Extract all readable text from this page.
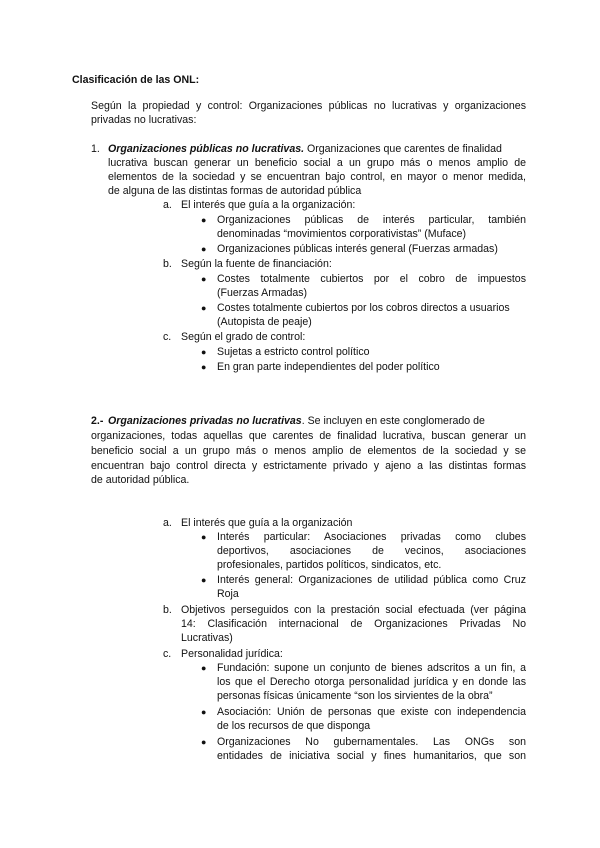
Clasificación de las ONL:
Según la propiedad y control: Organizaciones públicas no lucrativas y organizaciones
privadas no lucrativas:
1. Organizaciones públicas no lucrativas. Organizaciones que carentes de finalidad
lucrativa buscan generar un beneficio social a un grupo más o menos amplio de
elementos de la sociedad y se encuentran bajo control, en mayor o menor medida,
de alguna de las distintas formas de autoridad pública
a. El interés que guía a la organización:
● Organizaciones públicas de interés particular, también
denominadas “movimientos corporativistas” (Muface)
● Organizaciones públicas interés general (Fuerzas armadas)
b. Según la fuente de financiación:
● Costes totalmente cubiertos por el cobro de impuestos
(Fuerzas Armadas)
● Costes totalmente cubiertos por los cobros directos a usuarios
(Autopista de peaje)
c. Según el grado de control:
● Sujetas a estricto control político
● En gran parte independientes del poder político
2.- Organizaciones privadas no lucrativas. Se incluyen en este conglomerado de
organizaciones, todas aquellas que carentes de finalidad lucrativa, buscan generar un
beneficio social a un grupo más o menos amplio de elementos de la sociedad y se
encuentran bajo control directa y estrictamente privado y ajeno a las distintas formas
de autoridad pública.
a. El interés que guía a la organización
● Interés particular: Asociaciones privadas como clubes
deportivos, asociaciones de vecinos, asociaciones
profesionales, partidos políticos, sindicatos, etc.
● Interés general: Organizaciones de utilidad pública como Cruz
Roja
b. Objetivos perseguidos con la prestación social efectuada (ver página
14: Clasificación internacional de Organizaciones Privadas No
Lucrativas)
c. Personalidad jurídica:
● Fundación: supone un conjunto de bienes adscritos a un fin, a
los que el Derecho otorga personalidad jurídica y en donde las
personas físicas únicamente “son los sirvientes de la obra”
● Asociación: Unión de personas que existe con independencia
de los recursos de que disponga
● Organizaciones No gubernamentales. Las ONGs son
entidades de iniciativa social y fines humanitarios, que son
